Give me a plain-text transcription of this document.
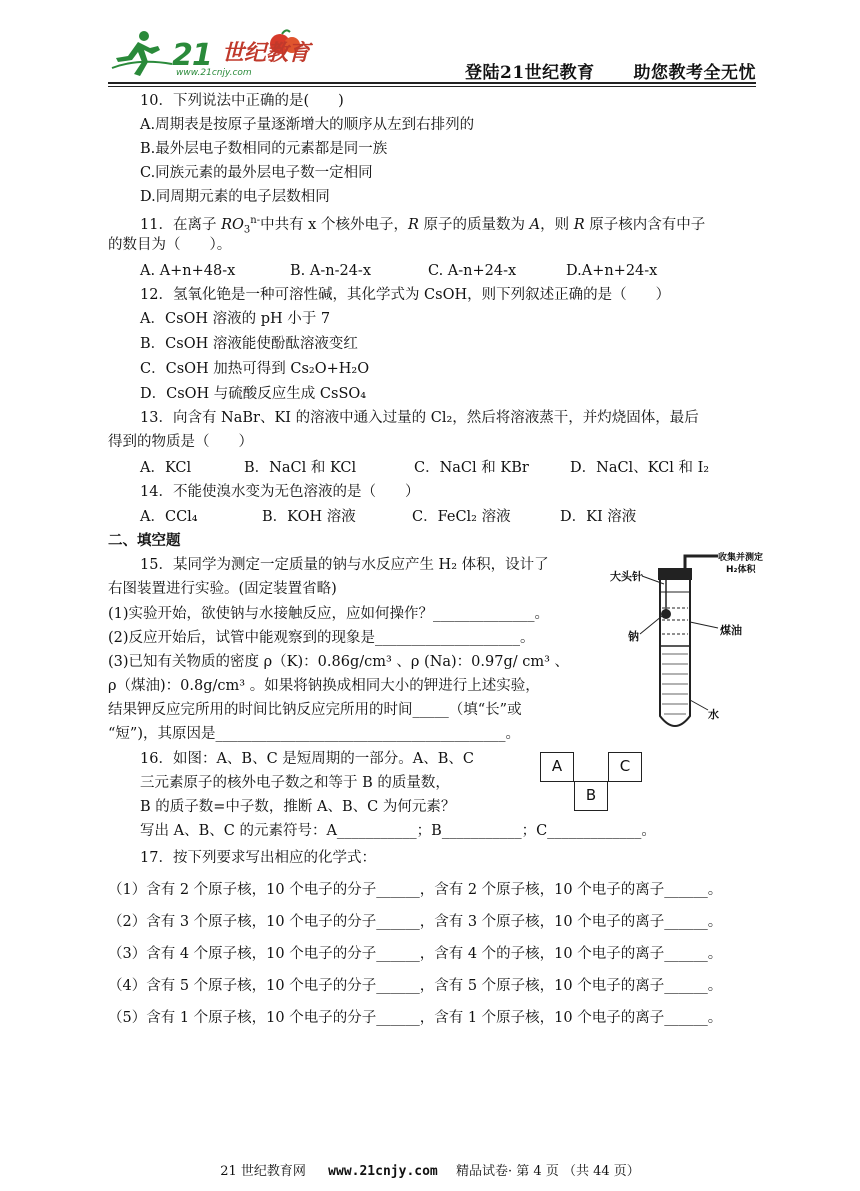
21 世纪教育
www.21cnjy.com	登陆21世纪教育 助您教考全无忧
10．下列说法中正确的是(　　)
A.周期表是按原子量逐渐增大的顺序从左到右排列的
B.最外层电子数相同的元素都是同一族
C.同族元素的最外层电子数一定相同
D.同周期元素的电子层数相同
11．在离子 $RO_3^{n-}$中共有 x 个核外电子，R 原子的质量数为 A，则 R 原子核内含有中子
的数目为（　　）。
A. A+n+48-x	B. A-n-24-x	C. A-n+24-x	D.A+n+24-x
12．氢氧化铯是一种可溶性碱，其化学式为 CsOH，则下列叙述正确的是（　　）
A．CsOH 溶液的 pH 小于 7
B．CsOH 溶液能使酚酞溶液变红
C．CsOH 加热可得到 Cs₂O+H₂O
D．CsOH 与硫酸反应生成 CsSO₄
13．向含有 NaBr、KI 的溶液中通入过量的 Cl₂，然后将溶液蒸干，并灼烧固体，最后
得到的物质是（　　）
A．KCl	B．NaCl 和 KCl	C．NaCl 和 KBr	D．NaCl、KCl 和 I₂
14．不能使溴水变为无色溶液的是（　　）
A．CCl₄	B．KOH 溶液	C．FeCl₂ 溶液	D．KI 溶液
二、填空题
15．某同学为测定一定质量的钠与水反应产生 H₂ 体积，设计了
右图装置进行实验。(固定装置省略)
(1)实验开始，欲使钠与水接触反应，应如何操作？______________。
(2)反应开始后，试管中能观察到的现象是____________________。
(3)已知有关物质的密度 ρ（K)：0.86g/cm³ 、ρ (Na)：0.97g/ cm³ 、
ρ（煤油)：0.8g/cm³ 。如果将钠换成相同大小的钾进行上述实验，
结果钾反应完所用的时间比钠反应完所用的时间_____（填“长”或
“短”)，其原因是________________________________________。
大头针
收集并测定
H₂体积
钠	煤油
水
16．如图：A、B、C 是短周期的一部分。A、B、C
三元素原子的核外电子数之和等于 B 的质量数，
B 的质子数=中子数，推断 A、B、C 为何元素？
写出 A、B、C 的元素符号：A___________；B___________；C_____________。
A	C
B
17．按下列要求写出相应的化学式：
（1）含有 2 个原子核，10 个电子的分子______，含有 2 个原子核，10 个电子的离子______。
（2）含有 3 个原子核，10 个电子的分子______，含有 3 个原子核，10 个电子的离子______。
（3）含有 4 个原子核，10 个电子的分子______，含有 4 个的子核，10 个电子的离子______。
（4）含有 5 个原子核，10 个电子的分子______，含有 5 个原子核，10 个电子的离子______。
（5）含有 1 个原子核，10 个电子的分子______，含有 1 个原子核，10 个电子的离子______。
21 世纪教育网 www.21cnjy.com 精品试卷· 第 4 页 （共 44 页）
